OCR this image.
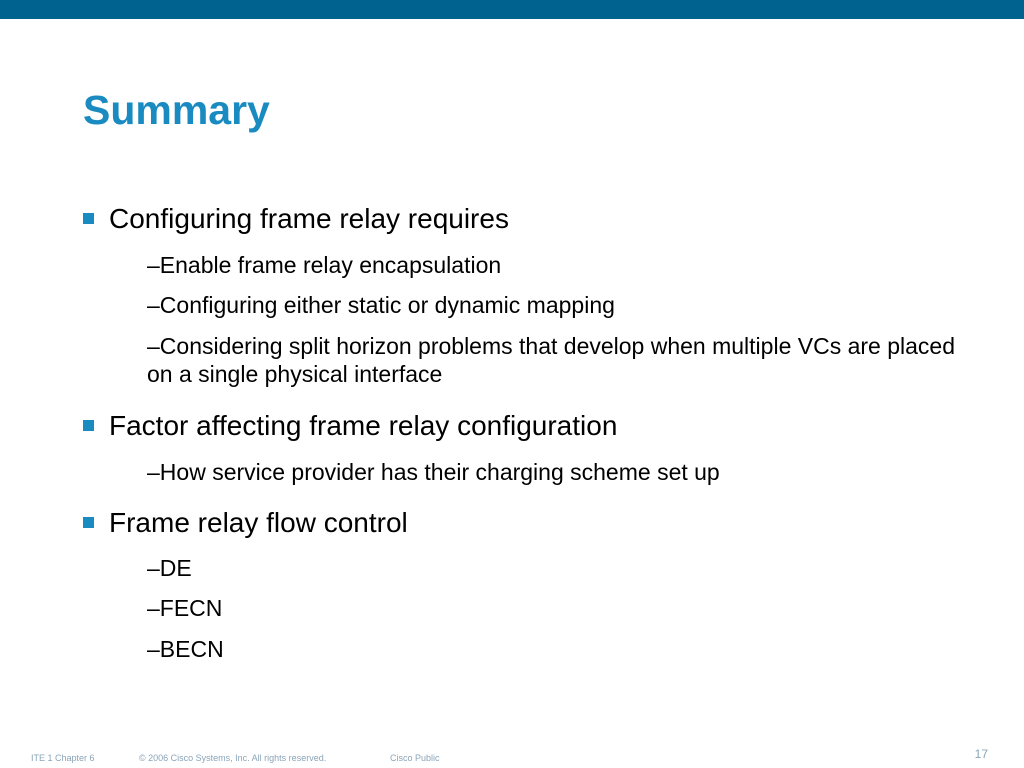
Summary
Configuring frame relay requires
–Enable frame relay encapsulation
–Configuring either static or dynamic mapping
–Considering split horizon problems that develop when multiple VCs are placed on a single physical interface
Factor affecting frame relay configuration
–How service provider has their charging scheme set up
Frame relay flow control
–DE
–FECN
–BECN
ITE 1 Chapter 6	© 2006 Cisco Systems, Inc. All rights reserved.	Cisco Public	17
